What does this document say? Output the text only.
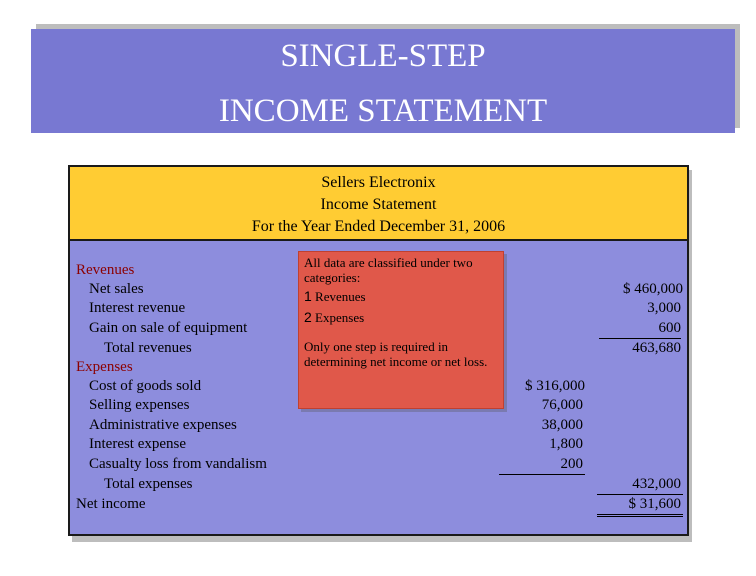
SINGLE-STEP
INCOME STATEMENT
Sellers Electronix
Income Statement
For the Year Ended December 31, 2006
Revenues
Net sales
Interest revenue
Gain on sale of equipment
Total revenues
$ 460,000
3,000
600
463,680
Expenses
Cost of goods sold
Selling expenses
Administrative expenses
Interest expense
Casualty loss from vandalism
Total expenses
Net income
$ 316,000
76,000
38,000
1,800
200
432,000
$ 31,600

All data are classified under two categories:

1 Revenues

2 Expenses

Only one step is required in determining net income or net loss.
